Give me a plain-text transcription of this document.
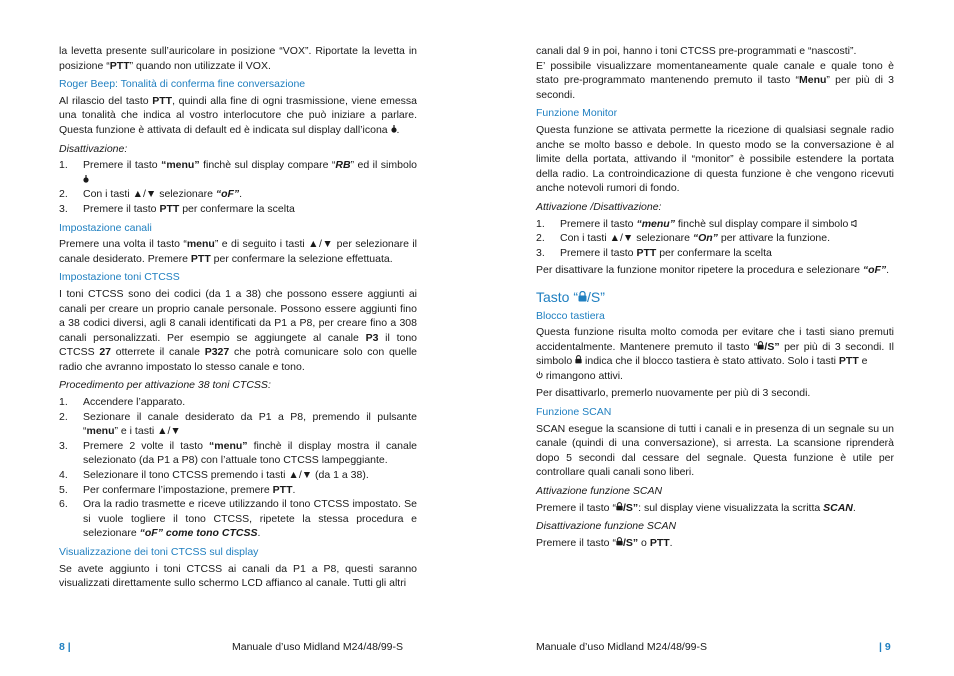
la levetta presente sull’auricolare in posizione “VOX”. Riportate la levetta in posizione “PTT” quando non utilizzate il VOX.

Roger Beep: Tonalità di conferma fine conversazione

Al rilascio del tasto PTT, quindi alla fine di ogni trasmissione, viene emessa una tonalità che indica al vostro interlocutore che può iniziare a parlare. Questa funzione è attivata di default ed è indicata sul display dall’icona .

Disattivazione:
1. Premere il tasto “menu” finchè sul display compare “RB” ed il simbolo
2. Con i tasti ▲/▼ selezionare “oF”.
3. Premere il tasto PTT per confermare la scelta
Impostazione canali

Premere una volta il tasto “menu” e di seguito i tasti ▲/▼ per selezionare il canale desiderato. Premere PTT per confermare la selezione effettuata.

Impostazione toni CTCSS

I toni CTCSS sono dei codici (da 1 a 38) che possono essere aggiunti ai canali per creare un proprio canale personale. Possono essere aggiunti fino a 38 codici diversi, agli 8 canali identificati da P1 a P8, per creare fino a 308 canali personalizzati. Per esempio se aggiungete al canale P3 il tono CTCSS 27 otterrete il canale P327 che potrà comunicare solo con quelle radio che avranno impostato lo stesso canale e tono.

Procedimento per attivazione 38 toni CTCSS:
1. Accendere l’apparato.
2. Sezionare il canale desiderato da P1 a P8, premendo il pulsante “menu” e i tasti ▲/▼
3. Premere 2 volte il tasto “menu” finchè il display mostra il canale selezionato (da P1 a P8) con l’attuale tono CTCSS lampeggiante.
4. Selezionare il tono CTCSS premendo i tasti ▲/▼ (da 1 a 38).
5. Per confermare l’impostazione, premere PTT.
6. Ora la radio trasmette e riceve utilizzando il tono CTCSS impostato. Se si vuole togliere il tono CTCSS, ripetete la stessa procedura e selezionare “oF” come tono CTCSS.
Visualizzazione dei toni CTCSS sul display

Se avete aggiunto i toni CTCSS ai canali da P1 a P8, questi saranno visualizzati direttamente sullo schermo LCD affianco al canale. Tutti gli altri

canali dal 9 in poi, hanno i toni CTCSS pre-programmati e “nascosti”.
E’ possibile visualizzare momentaneamente quale canale e quale tono è stato pre-programmato mantenendo premuto il tasto “Menu” per più di 3 secondi.

Funzione Monitor

Questa funzione se attivata permette la ricezione di qualsiasi segnale radio anche se molto basso e debole. In questo modo se la conversazione è al limite della portata, attivando il “monitor” è possibile estendere la portata della radio. La controindicazione di questa funzione è che vengono ricevuti anche notevoli rumori di fondo.

Attivazione /Disattivazione:
1. Premere il tasto “menu” finchè sul display compare il simbolo
2. Con i tasti ▲/▼ selezionare “On” per attivare la funzione.
3. Premere il tasto PTT per confermare la scelta

Per disattivare la funzione monitor ripetere la procedura e selezionare “oF”.

Tasto “ /S”
Blocco tastiera

Questa funzione risulta molto comoda per evitare che i tasti siano premuti accidentalmente. Mantenere premuto il tasto “ /S” per più di 3 secondi. Il simbolo  indica che il blocco tastiera è stato attivato. Solo i tasti PTT e
rimangono attivi.

Per disattivarlo, premerlo nuovamente per più di 3 secondi.

Funzione SCAN

SCAN esegue la scansione di tutti i canali e in presenza di un segnale su un canale (quindi di una conversazione), si arresta. La scansione riprenderà dopo 5 secondi dal cessare del segnale. Questa funzione è utile per controllare quali canali sono liberi.

Attivazione funzione SCAN

Premere il tasto “ /S”: sul display viene visualizzata la scritta SCAN.

Disattivazione funzione SCAN

Premere il tasto “ /S” o PTT.

8 |	Manuale d’uso Midland M24/48/99-S	Manuale d’uso Midland M24/48/99-S	| 9
